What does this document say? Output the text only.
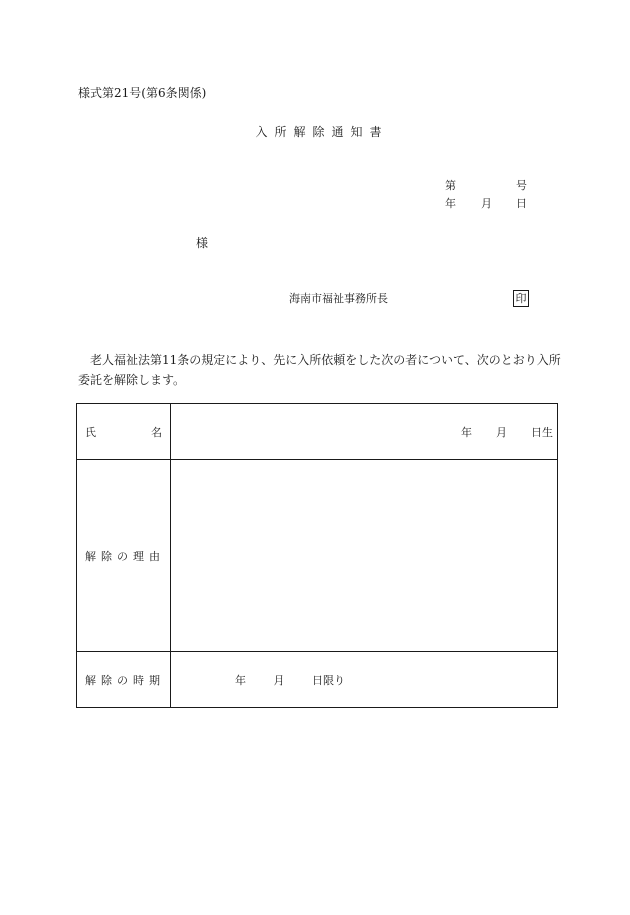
様式第21号(第6条関係)
入所解除通知書
第	号
年 月 日
様
海南市福祉事務所長	印

老人福祉法第11条の規定により、先に入所依頼をした次の者について、次のとおり入所

委託を解除します。

氏 名	年 月 日生

解除の理由	

解除の時期	年 月 日限り
